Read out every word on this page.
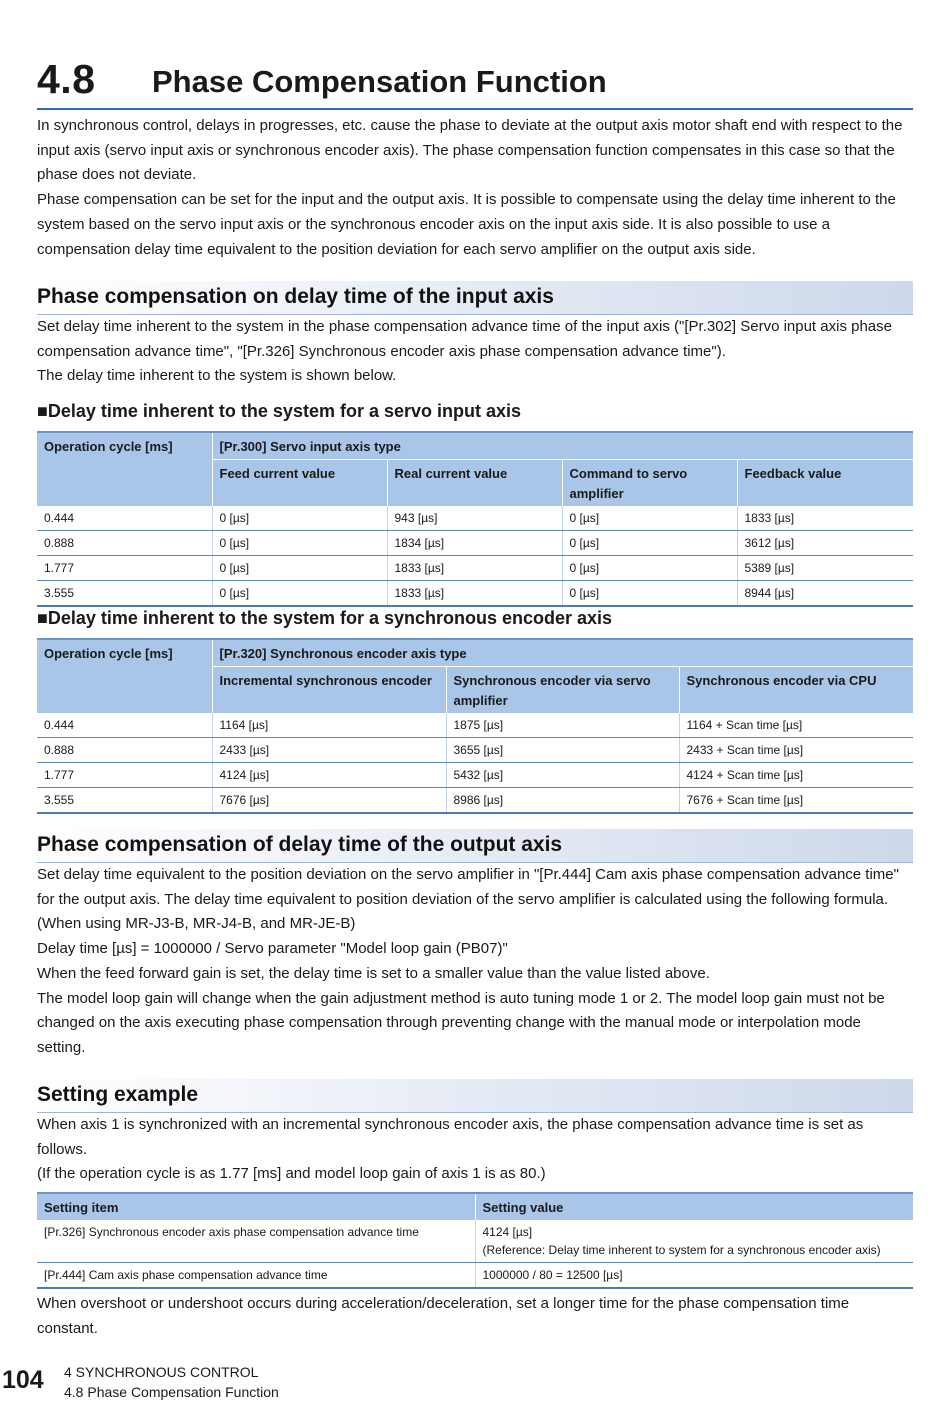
4.8 Phase Compensation Function

In synchronous control, delays in progresses, etc. cause the phase to deviate at the output axis motor shaft end with respect to the input axis (servo input axis or synchronous encoder axis). The phase compensation function compensates in this case so that the phase does not deviate.

Phase compensation can be set for the input and the output axis. It is possible to compensate using the delay time inherent to the system based on the servo input axis or the synchronous encoder axis on the input axis side. It is also possible to use a compensation delay time equivalent to the position deviation for each servo amplifier on the output axis side.

Phase compensation on delay time of the input axis

Set delay time inherent to the system in the phase compensation advance time of the input axis ("[Pr.302] Servo input axis phase compensation advance time", "[Pr.326] Synchronous encoder axis phase compensation advance time").

The delay time inherent to the system is shown below.

■Delay time inherent to the system for a servo input axis
Operation cycle [ms]	[Pr.300] Servo input axis type			
	Feed current value	Real current value	Command to servo amplifier	Feedback value
0.444	0 [µs]	943 [µs]	0 [µs]	1833 [µs]
0.888	0 [µs]	1834 [µs]	0 [µs]	3612 [µs]
1.777	0 [µs]	1833 [µs]	0 [µs]	5389 [µs]
3.555	0 [µs]	1833 [µs]	0 [µs]	8944 [µs]
■Delay time inherent to the system for a synchronous encoder axis
Operation cycle [ms]	[Pr.320] Synchronous encoder axis type		
	Incremental synchronous encoder	Synchronous encoder via servo amplifier	Synchronous encoder via CPU
0.444	1164 [µs]	1875 [µs]	1164 + Scan time [µs]
0.888	2433 [µs]	3655 [µs]	2433 + Scan time [µs]
1.777	4124 [µs]	5432 [µs]	4124 + Scan time [µs]
3.555	7676 [µs]	8986 [µs]	7676 + Scan time [µs]
Phase compensation of delay time of the output axis

Set delay time equivalent to the position deviation on the servo amplifier in "[Pr.444] Cam axis phase compensation advance time" for the output axis. The delay time equivalent to position deviation of the servo amplifier is calculated using the following formula. (When using MR-J3-B, MR-J4-B, and MR-JE-B)

Delay time [µs] = 1000000 / Servo parameter "Model loop gain (PB07)"

When the feed forward gain is set, the delay time is set to a smaller value than the value listed above.

The model loop gain will change when the gain adjustment method is auto tuning mode 1 or 2. The model loop gain must not be changed on the axis executing phase compensation through preventing change with the manual mode or interpolation mode setting.

Setting example

When axis 1 is synchronized with an incremental synchronous encoder axis, the phase compensation advance time is set as follows.

(If the operation cycle is as 1.77 [ms] and model loop gain of axis 1 is as 80.)

Setting item	Setting value
[Pr.326] Synchronous encoder axis phase compensation advance time	4124 [µs]
(Reference: Delay time inherent to system for a synchronous encoder axis)

[Pr.444] Cam axis phase compensation advance time	1000000 / 80 = 12500 [µs]

When overshoot or undershoot occurs during acceleration/deceleration, set a longer time for the phase compensation time constant.

104 4 SYNCHRONOUS CONTROL
4.8 Phase Compensation Function
